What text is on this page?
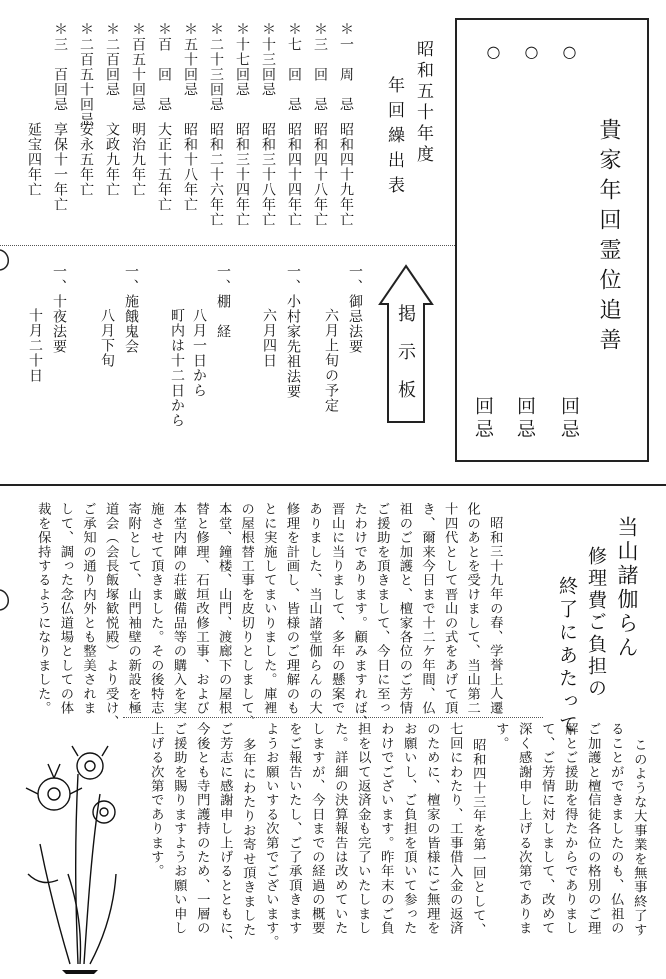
昭和五十年度
年回繰出表
＊一　周　忌
昭和四十九年亡
＊三　回　忌
昭和四十八年亡
＊七　回　忌
昭和四十四年亡
＊十三回忌
昭和三十八年亡
＊十七回忌
昭和三十四年亡
＊二十三回忌
昭和二十六年亡
＊五十回忌
昭和十八年亡
＊百　回　忌
大正十五年亡
＊百五十回忌
明治九年亡
＊二百回忌
文政九年亡
＊二百五十回忌
安永五年亡
＊三　百回忌
享保十一年亡
延宝四年亡	貴家年回霊位追善
○
○
○
回忌
回忌
回忌
掲示板
一、御忌法要
六月上旬の予定
一、小村家先祖法要
六月四日
一、棚　経
八月一日から
町内は十二日から
一、施餓鬼会
八月下旬
一、十夜法要
十月二十日
当山諸伽らん
修理費ご負担の
終了にあたって
昭和三十九年の春、学誉上人遷
化のあとを受けまして、当山第二
十四代として晋山の式をあげて頂
き、爾来今日まで十二ケ年間、仏
祖のご加護と、檀家各位のご芳情
ご援助を頂きまして、今日に至っ
たわけであります。顧みますれば、
晋山に当りまして、多年の懸案で
ありました、当山諸堂伽らんの大
修理を計画し、皆様のご理解のも
とに実施してまいりました。庫裡
の屋根替工事を皮切りとしまして、
本堂、鐘楼、山門、渡廊下の屋根
替と修理、石垣改修工事、および
本堂内陣の荘厳備品等の購入を実
施させて頂きました。その後特志
寄附として、山門袖壁の新設を極
道会（会長飯塚歓悦殿）より受け、
ご承知の通り内外とも整美されま
して、調った念仏道場としての体
裁を保持するようになりました。
このような大事業を無事終了す
ることができましたのも、仏祖の
ご加護と檀信徒各位の格別のご理
解とご援助を得たからでありまし
て、ご芳情に対しまして、改めて
深く感謝申し上げる次第でありま
す。
昭和四十三年を第一回として、
七回にわたり、工事借入金の返済
のために、檀家の皆様にご無理を
お願いし、ご負担を頂いて参った
わけでございます。昨年末のご負
担を以て返済金も完了いたしまし
た。詳細の決算報告は改めていた
しますが、今日までの経過の概要
をご報告いたし、ご了承頂きます
ようお願いする次第でございます。
多年にわたりお寄せ頂きました
ご芳志に感謝申し上げるとともに、
今後とも寺門護持のため、一層の
ご援助を賜りますようお願い申し
上げる次第であります。
